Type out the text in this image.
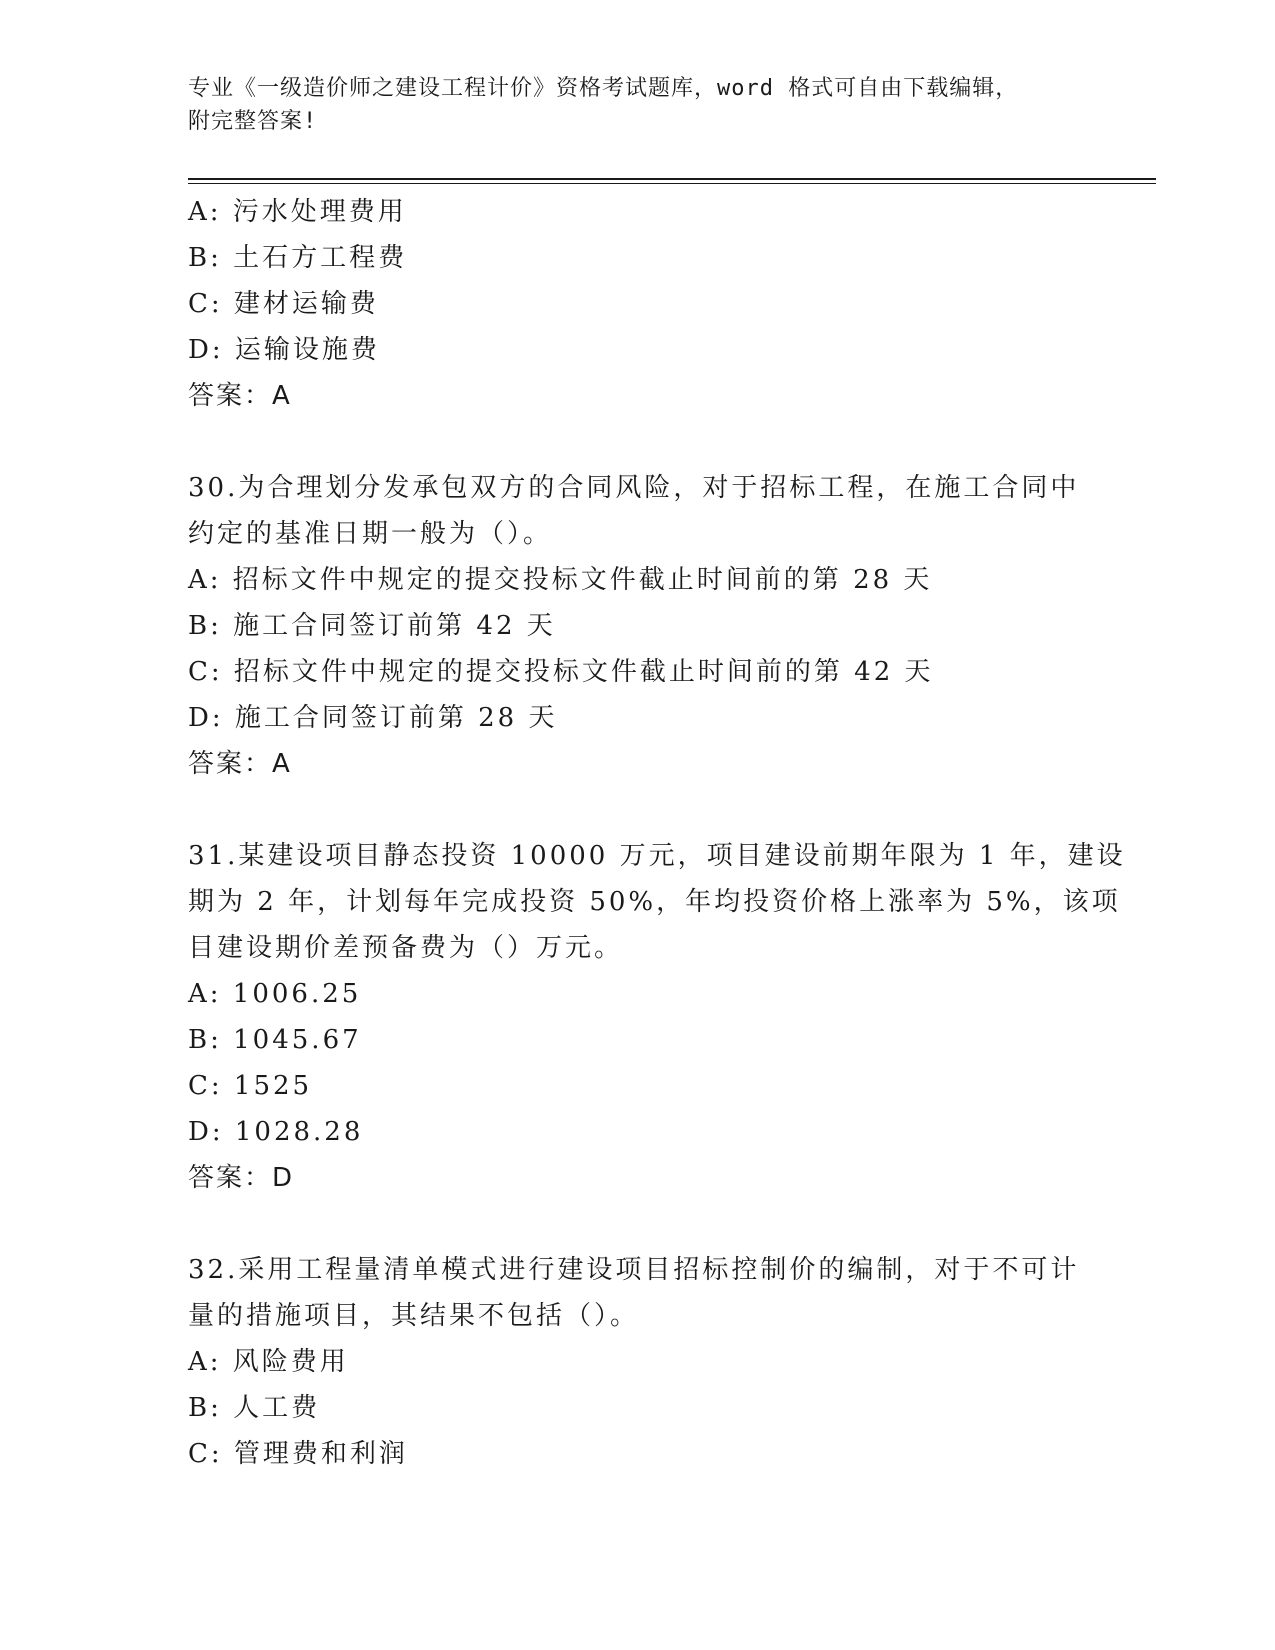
专业《一级造价师之建设工程计价》资格考试题库，word 格式可自由下载编辑，
附完整答案!
A: 污水处理费用
B: 土石方工程费
C: 建材运输费
D: 运输设施费
答案：A
30.为合理划分发承包双方的合同风险，对于招标工程，在施工合同中
约定的基准日期一般为（）。
A: 招标文件中规定的提交投标文件截止时间前的第 28 天
B: 施工合同签订前第 42 天
C: 招标文件中规定的提交投标文件截止时间前的第 42 天
D: 施工合同签订前第 28 天
答案：A
31.某建设项目静态投资 10000 万元，项目建设前期年限为 1 年，建设
期为 2 年，计划每年完成投资 50%，年均投资价格上涨率为 5%，该项
目建设期价差预备费为（）万元。
A: 1006.25
B: 1045.67
C: 1525
D: 1028.28
答案：D
32.采用工程量清单模式进行建设项目招标控制价的编制，对于不可计
量的措施项目，其结果不包括（）。
A: 风险费用
B: 人工费
C: 管理费和利润
